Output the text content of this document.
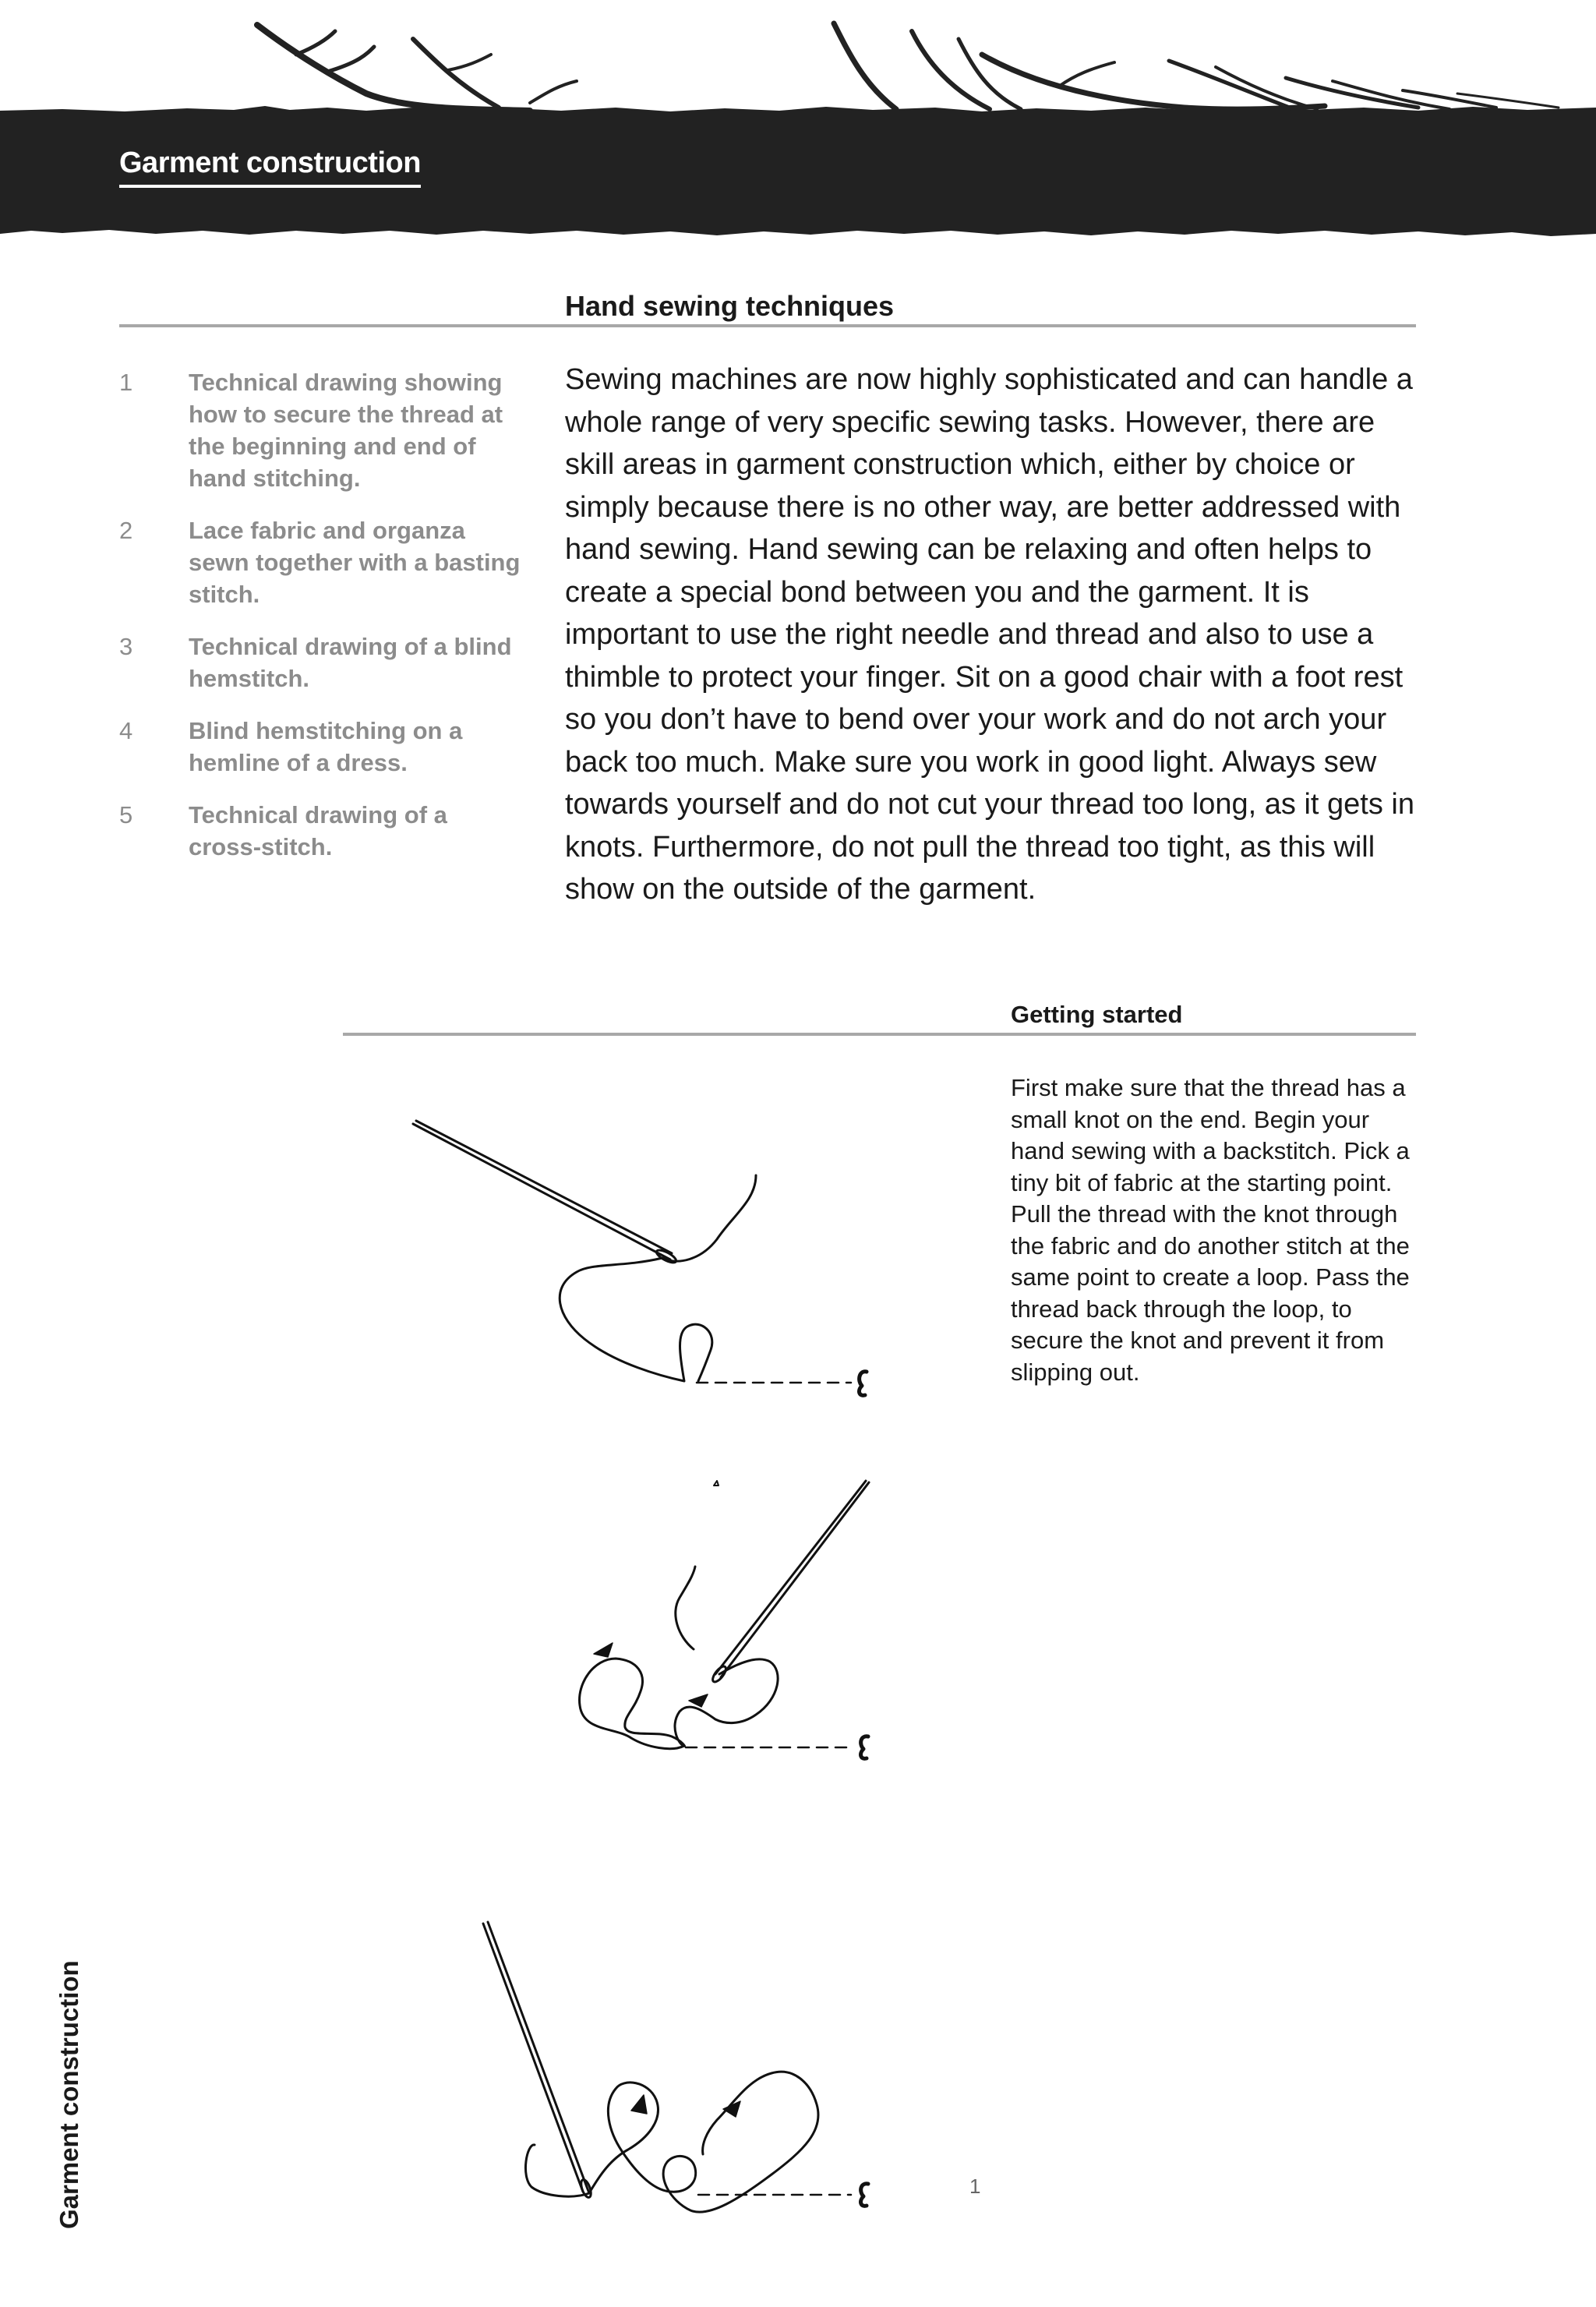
Garment construction
Hand sewing techniques
1	Technical drawing showing how to secure the thread at the beginning and end of hand stitching.
2	Lace fabric and organza sewn together with a basting stitch.
3	Technical drawing of a blind hemstitch.
4	Blind hemstitching on a hemline of a dress.
5	Technical drawing of a cross-stitch.

Sewing machines are now highly sophisticated and can handle a whole range of very specific sewing tasks. However, there are skill areas in garment construction which, either by choice or simply because there is no other way, are better addressed with hand sewing. Hand sewing can be relaxing and often helps to create a special bond between you and the garment. It is important to use the right needle and thread and also to use a thimble to protect your finger. Sit on a good chair with a foot rest so you don’t have to bend over your work and do not arch your back too much. Make sure you work in good light. Always sew towards yourself and do not cut your thread too long, as it gets in knots. Furthermore, do not pull the thread too tight, as this will show on the outside of the garment.

Getting started

First make sure that the thread has a small knot on the end. Begin your hand sewing with a backstitch. Pick a tiny bit of fabric at the starting point. Pull the thread with the knot through the fabric and do another stitch at the same point to create a loop. Pass the thread back through the loop, to secure the knot and prevent it from slipping out.

1
Garment construction
